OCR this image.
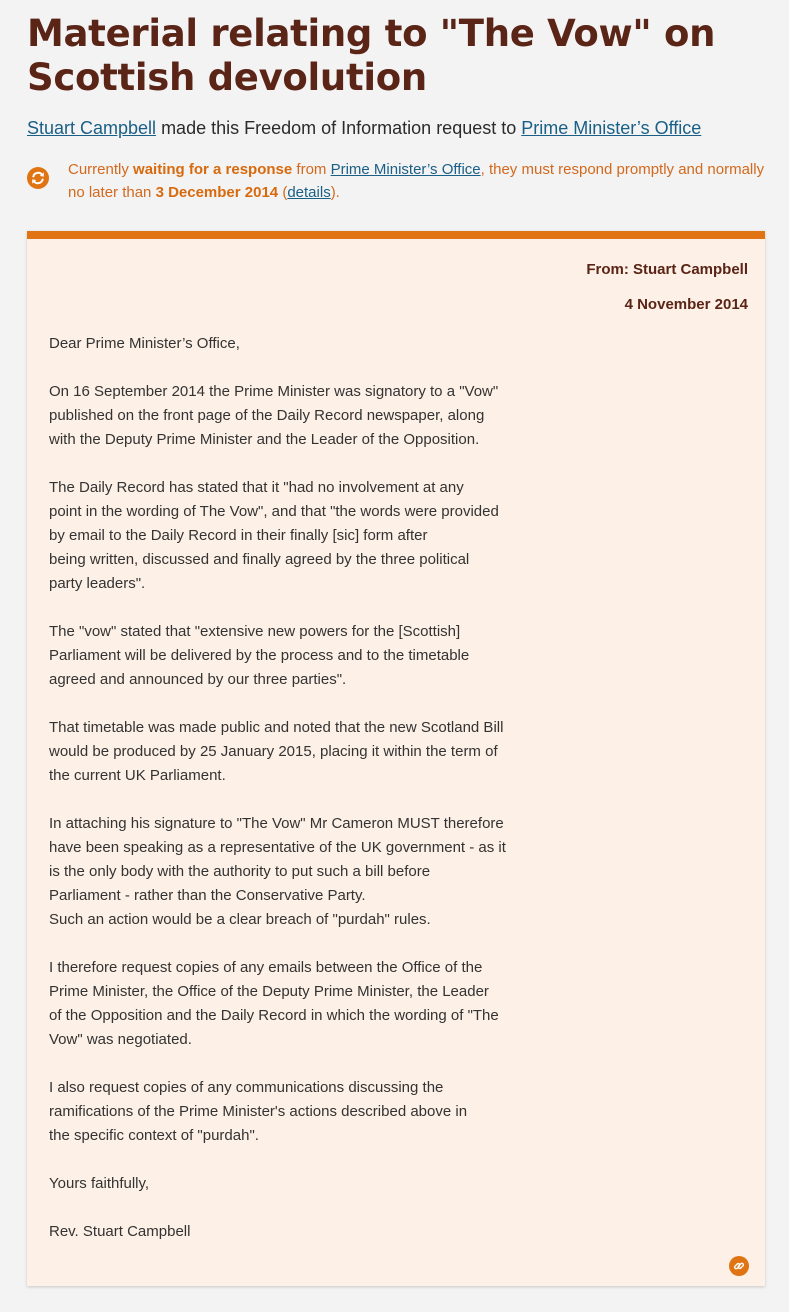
Material relating to "The Vow" on Scottish devolution
Stuart Campbell made this Freedom of Information request to Prime Minister’s Office
Currently waiting for a response from Prime Minister’s Office, they must respond promptly and normally no later than 3 December 2014 (details).
From: Stuart Campbell
4 November 2014

Dear Prime Minister’s Office,

On 16 September 2014 the Prime Minister was signatory to a "Vow"
published on the front page of the Daily Record newspaper, along
with the Deputy Prime Minister and the Leader of the Opposition.

The Daily Record has stated that it "had no involvement at any
point in the wording of The Vow", and that "the words were provided
by email to the Daily Record in their finally [sic] form after
being written, discussed and finally agreed by the three political
party leaders".

The "vow" stated that "extensive new powers for the [Scottish]
Parliament will be delivered by the process and to the timetable
agreed and announced by our three parties".

That timetable was made public and noted that the new Scotland Bill
would be produced by 25 January 2015, placing it within the term of
the current UK Parliament.

In attaching his signature to "The Vow" Mr Cameron MUST therefore
have been speaking as a representative of the UK government - as it
is the only body with the authority to put such a bill before
Parliament - rather than the Conservative Party.
Such an action would be a clear breach of "purdah" rules.

I therefore request copies of any emails between the Office of the
Prime Minister, the Office of the Deputy Prime Minister, the Leader
of the Opposition and the Daily Record in which the wording of "The
Vow" was negotiated.

I also request copies of any communications discussing the
ramifications of the Prime Minister's actions described above in
the specific context of "purdah".

Yours faithfully,

Rev. Stuart Campbell
